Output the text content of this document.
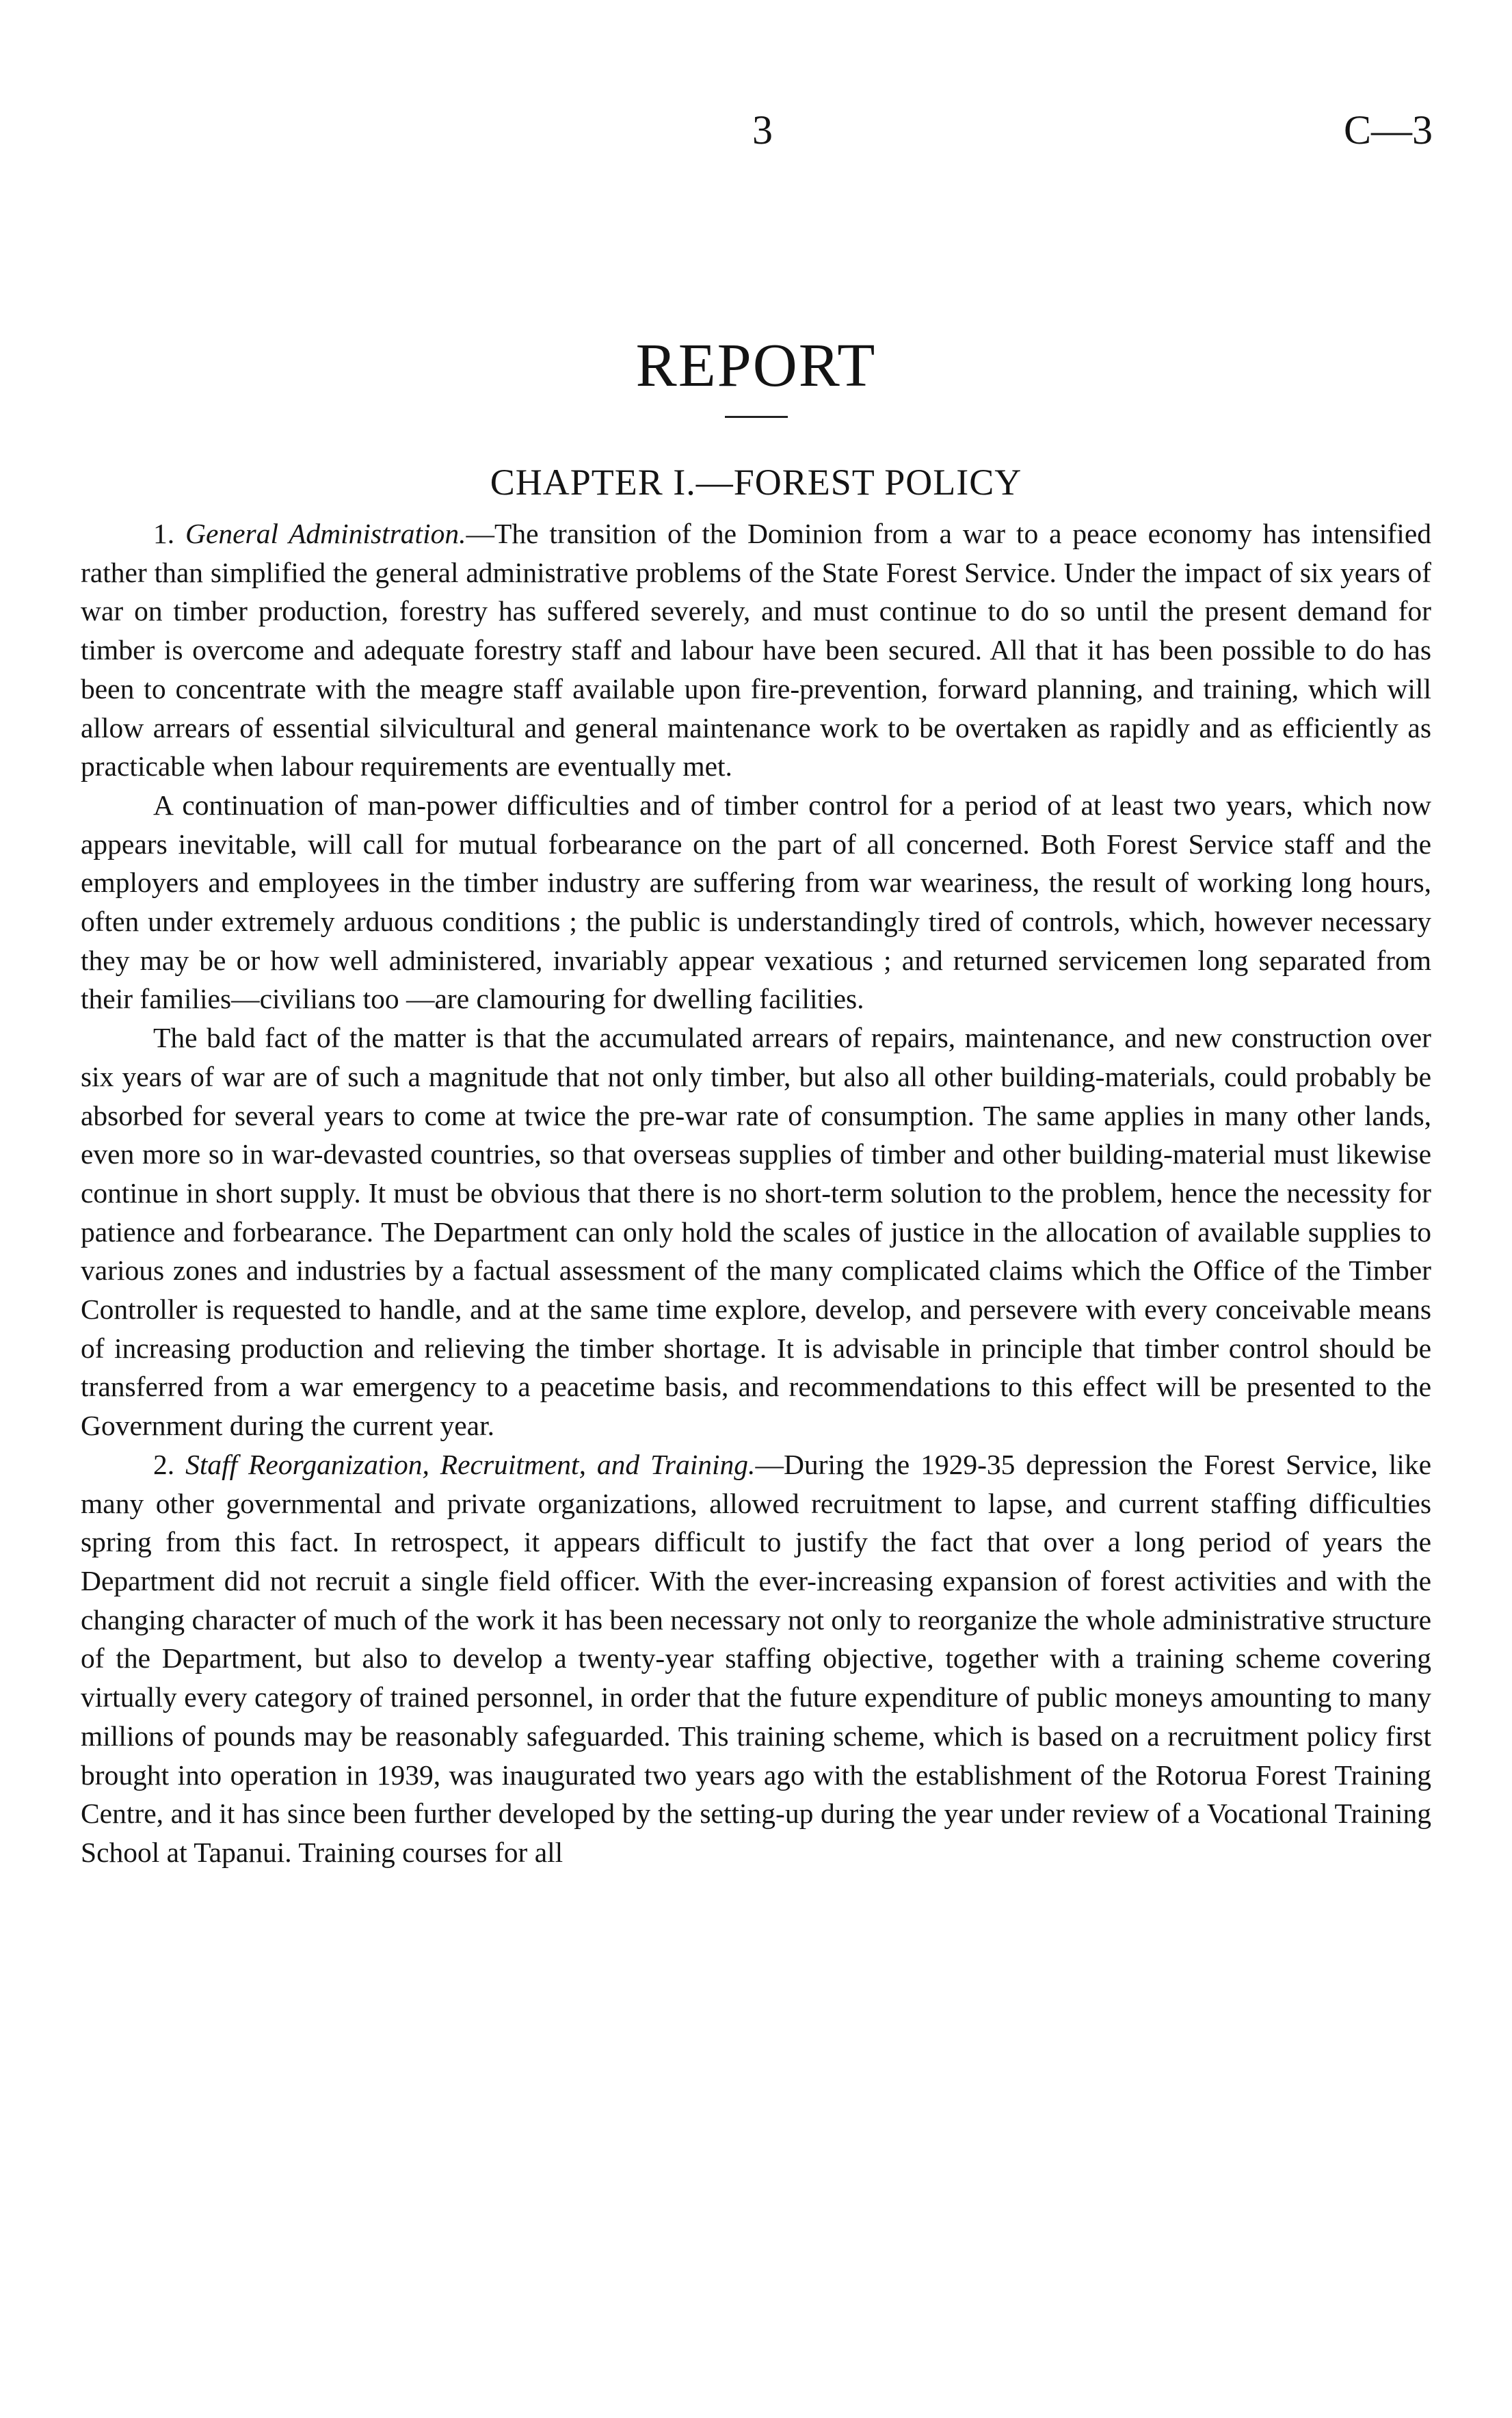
3	C—3
REPORT
CHAPTER I.—FOREST POLICY

1. General Administration.—The transition of the Dominion from a war to a peace economy has intensified rather than simplified the general administrative problems of the State Forest Service. Under the impact of six years of war on timber production, forestry has suffered severely, and must continue to do so until the present demand for timber is overcome and adequate forestry staff and labour have been secured. All that it has been possible to do has been to concentrate with the meagre staff available upon fire-prevention, forward planning, and training, which will allow arrears of essential silvicultural and general maintenance work to be overtaken as rapidly and as efficiently as practicable when labour requirements are eventually met.

A continuation of man-power difficulties and of timber control for a period of at least two years, which now appears inevitable, will call for mutual forbearance on the part of all concerned. Both Forest Service staff and the employers and employees in the timber industry are suffering from war weariness, the result of working long hours, often under extremely arduous conditions ; the public is understandingly tired of controls, which, however necessary they may be or how well administered, invariably appear vexatious ; and returned servicemen long separated from their families—civilians too —are clamouring for dwelling facilities.

The bald fact of the matter is that the accumulated arrears of repairs, maintenance, and new construction over six years of war are of such a magnitude that not only timber, but also all other building-materials, could probably be absorbed for several years to come at twice the pre-war rate of consumption. The same applies in many other lands, even more so in war-devasted countries, so that overseas supplies of timber and other building-material must likewise continue in short supply. It must be obvious that there is no short-term solution to the problem, hence the necessity for patience and forbearance. The Department can only hold the scales of justice in the allocation of available supplies to various zones and industries by a factual assessment of the many complicated claims which the Office of the Timber Controller is requested to handle, and at the same time explore, develop, and persevere with every conceivable means of increasing production and relieving the timber shortage. It is advisable in principle that timber control should be transferred from a war emergency to a peacetime basis, and recommendations to this effect will be presented to the Government during the current year.

2. Staff Reorganization, Recruitment, and Training.—During the 1929-35 depression the Forest Service, like many other governmental and private organizations, allowed recruitment to lapse, and current staffing difficulties spring from this fact. In retrospect, it appears difficult to justify the fact that over a long period of years the Department did not recruit a single field officer. With the ever-increasing expansion of forest activities and with the changing character of much of the work it has been necessary not only to reorganize the whole administrative structure of the Department, but also to develop a twenty-year staffing objective, together with a training scheme covering virtually every category of trained personnel, in order that the future expenditure of public moneys amounting to many millions of pounds may be reasonably safeguarded. This training scheme, which is based on a recruitment policy first brought into operation in 1939, was inaugurated two years ago with the establishment of the Rotorua Forest Training Centre, and it has since been further developed by the setting-up during the year under review of a Vocational Training School at Tapanui. Training courses for all
